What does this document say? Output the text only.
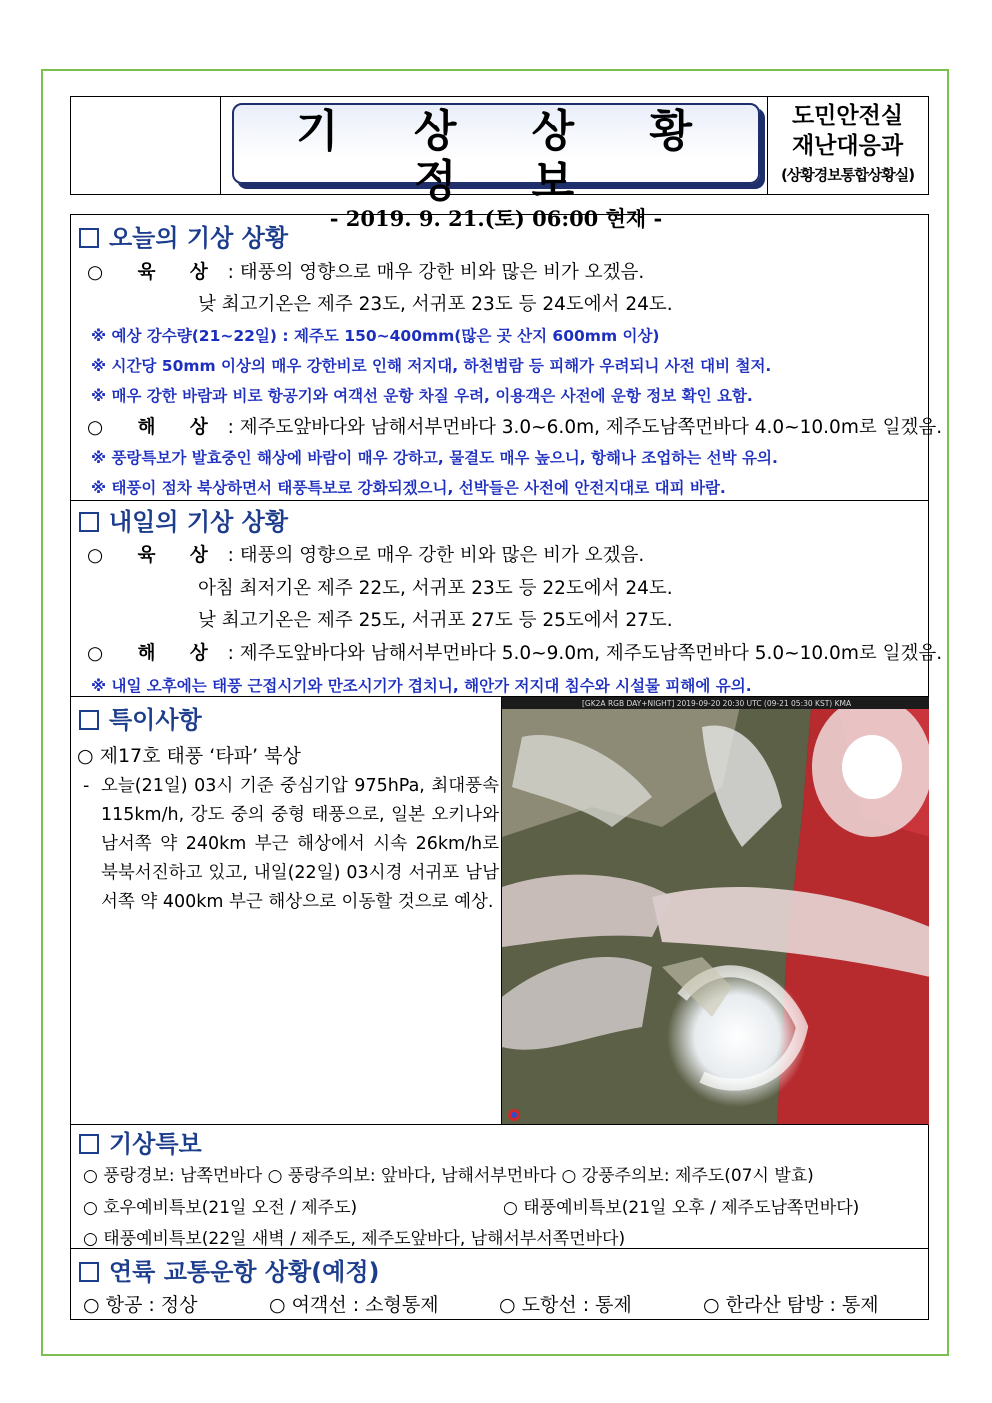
기 상 상 황 정 보
- 2019. 9. 21.(토) 06:00 현재 -
도민안전실
재난대응과
(상황경보통합상황실)
오늘의 기상 상황
○ 육 상 : 태풍의 영향으로 매우 강한 비와 많은 비가 오겠음.
낮 최고기온은 제주 23도, 서귀포 23도 등 24도에서 24도.
※ 예상 강수량(21~22일) : 제주도 150~400mm(많은 곳 산지 600mm 이상)
※ 시간당 50mm 이상의 매우 강한비로 인해 저지대, 하천범람 등 피해가 우려되니 사전 대비 철저.
※ 매우 강한 바람과 비로 항공기와 여객선 운항 차질 우려, 이용객은 사전에 운항 정보 확인 요함.
○ 해 상 : 제주도앞바다와 남해서부먼바다 3.0~6.0m, 제주도남쪽먼바다 4.0~10.0m로 일겠음.
※ 풍랑특보가 발효중인 해상에 바람이 매우 강하고, 물결도 매우 높으니, 항해나 조업하는 선박 유의.
※ 태풍이 점차 북상하면서 태풍특보로 강화되겠으니, 선박들은 사전에 안전지대로 대피 바람.
내일의 기상 상황
○ 육 상 : 태풍의 영향으로 매우 강한 비와 많은 비가 오겠음.
아침 최저기온 제주 22도, 서귀포 23도 등 22도에서 24도.
낮 최고기온은 제주 25도, 서귀포 27도 등 25도에서 27도.
○ 해 상 : 제주도앞바다와 남해서부먼바다 5.0~9.0m, 제주도남쪽먼바다 5.0~10.0m로 일겠음.
※ 내일 오후에는 태풍 근접시기와 만조시기가 겹치니, 해안가 저지대 침수와 시설물 피해에 유의.
특이사항
○ 제17호 태풍 ‘타파’ 북상
- 오늘(21일) 03시 기준 중심기압 975hPa, 최대풍속 115km/h, 강도 중의 중형 태풍으로, 일본 오키나와 남서쪽 약 240km 부근 해상에서 시속 26km/h로 북북서진하고 있고, 내일(22일) 03시경 서귀포 남남서쪽 약 400km 부근 해상으로 이동할 것으로 예상.
[GK2A RGB DAY+NIGHT] 2019-09-20 20:30 UTC (09-21 05:30 KST) KMA
기상특보
○ 풍랑경보: 남쪽먼바다 ○ 풍랑주의보: 앞바다, 남해서부먼바다 ○ 강풍주의보: 제주도(07시 발효)
○ 호우예비특보(21일 오전 / 제주도)	○ 태풍예비특보(21일 오후 / 제주도남쪽먼바다)
○ 태풍예비특보(22일 새벽 / 제주도, 제주도앞바다, 남해서부서쪽먼바다)
연륙 교통운항 상황(예정)
○ 항공 : 정상	○ 여객선 : 소형통제	○ 도항선 : 통제	○ 한라산 탐방 : 통제
